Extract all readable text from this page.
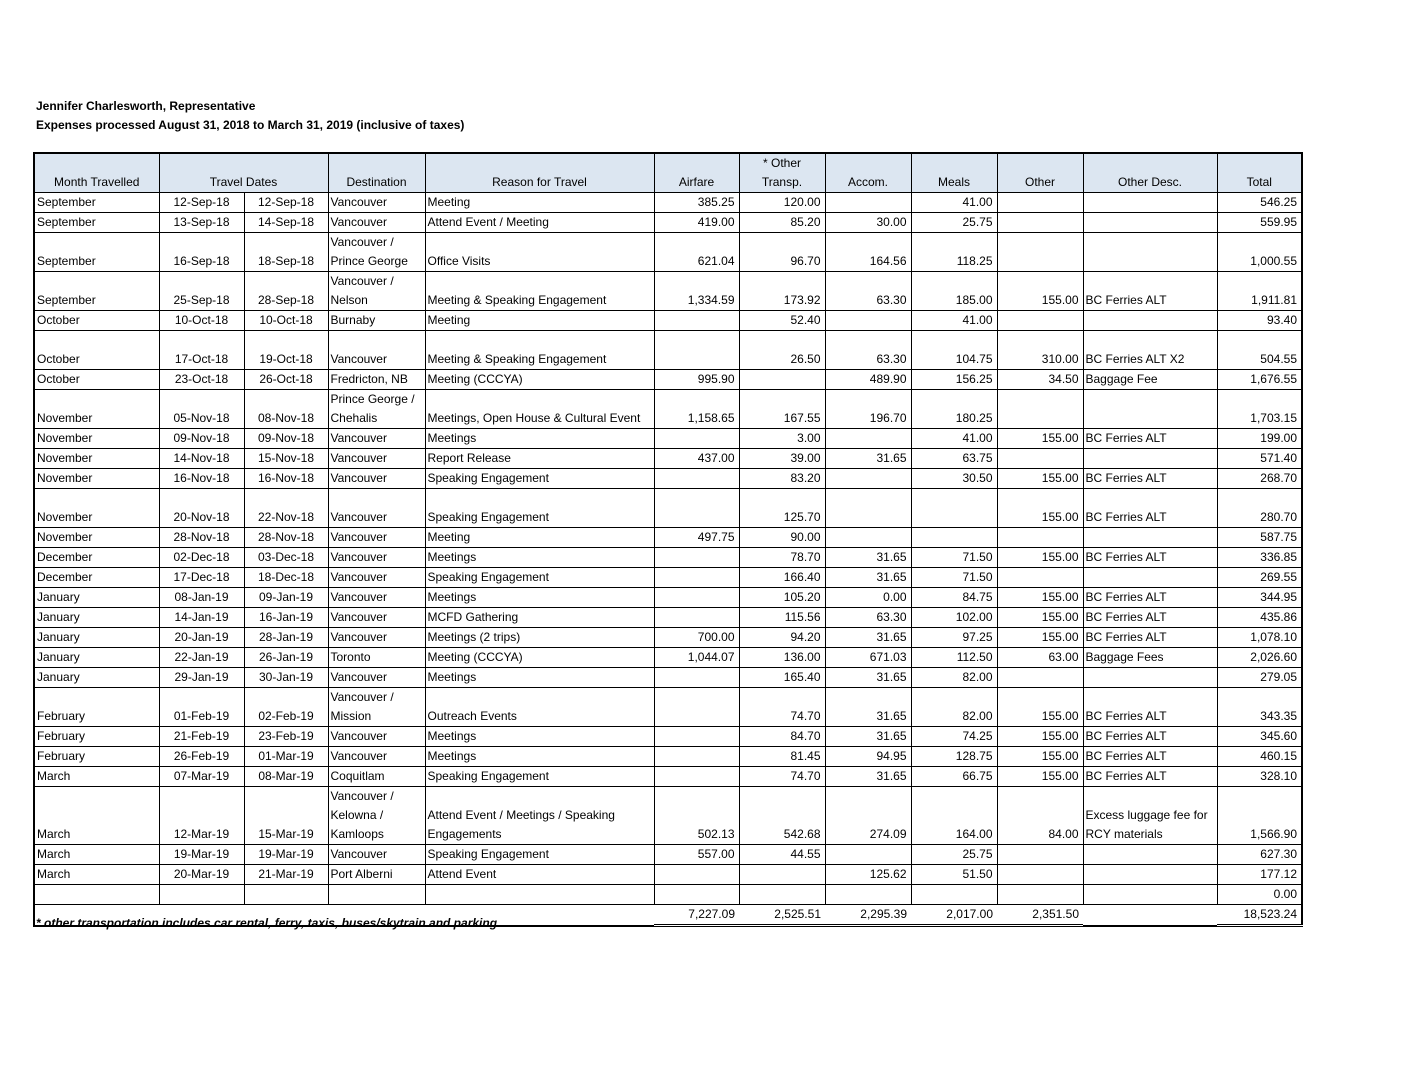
Jennifer Charlesworth, Representative
Expenses processed August 31, 2018 to March 31, 2019 (inclusive of taxes)
Month Travelled	Travel Dates		Destination	Reason for Travel	Airfare	* Other Transp.	Accom.	Meals	Other	Other Desc.	Total
September	12-Sep-18	12-Sep-18	Vancouver	Meeting	385.25	120.00		41.00			546.25
September	13-Sep-18	14-Sep-18	Vancouver	Attend Event / Meeting	419.00	85.20	30.00	25.75			559.95
September	16-Sep-18	18-Sep-18	Vancouver / Prince George	Office Visits	621.04	96.70	164.56	118.25			1,000.55
September	25-Sep-18	28-Sep-18	Vancouver / Nelson	Meeting & Speaking Engagement	1,334.59	173.92	63.30	185.00	155.00	BC Ferries ALT	1,911.81
October	10-Oct-18	10-Oct-18	Burnaby	Meeting		52.40		41.00			93.40
October	17-Oct-18	19-Oct-18	Vancouver	Meeting & Speaking Engagement		26.50	63.30	104.75	310.00	BC Ferries ALT X2	504.55
October	23-Oct-18	26-Oct-18	Fredricton, NB	Meeting (CCCYA)	995.90		489.90	156.25	34.50	Baggage Fee	1,676.55
November	05-Nov-18	08-Nov-18	Prince George / Chehalis	Meetings, Open House & Cultural Event	1,158.65	167.55	196.70	180.25			1,703.15
November	09-Nov-18	09-Nov-18	Vancouver	Meetings		3.00		41.00	155.00	BC Ferries ALT	199.00
November	14-Nov-18	15-Nov-18	Vancouver	Report Release	437.00	39.00	31.65	63.75			571.40
November	16-Nov-18	16-Nov-18	Vancouver	Speaking Engagement		83.20		30.50	155.00	BC Ferries ALT	268.70
November	20-Nov-18	22-Nov-18	Vancouver	Speaking Engagement		125.70			155.00	BC Ferries ALT	280.70
November	28-Nov-18	28-Nov-18	Vancouver	Meeting	497.75	90.00					587.75
December	02-Dec-18	03-Dec-18	Vancouver	Meetings		78.70	31.65	71.50	155.00	BC Ferries ALT	336.85
December	17-Dec-18	18-Dec-18	Vancouver	Speaking Engagement		166.40	31.65	71.50			269.55
January	08-Jan-19	09-Jan-19	Vancouver	Meetings		105.20	0.00	84.75	155.00	BC Ferries ALT	344.95
January	14-Jan-19	16-Jan-19	Vancouver	MCFD Gathering		115.56	63.30	102.00	155.00	BC Ferries ALT	435.86
January	20-Jan-19	28-Jan-19	Vancouver	Meetings (2 trips)	700.00	94.20	31.65	97.25	155.00	BC Ferries ALT	1,078.10
January	22-Jan-19	26-Jan-19	Toronto	Meeting (CCCYA)	1,044.07	136.00	671.03	112.50	63.00	Baggage Fees	2,026.60
January	29-Jan-19	30-Jan-19	Vancouver	Meetings		165.40	31.65	82.00			279.05
February	01-Feb-19	02-Feb-19	Vancouver / Mission	Outreach Events		74.70	31.65	82.00	155.00	BC Ferries ALT	343.35
February	21-Feb-19	23-Feb-19	Vancouver	Meetings		84.70	31.65	74.25	155.00	BC Ferries ALT	345.60
February	26-Feb-19	01-Mar-19	Vancouver	Meetings		81.45	94.95	128.75	155.00	BC Ferries ALT	460.15
March	07-Mar-19	08-Mar-19	Coquitlam	Speaking Engagement		74.70	31.65	66.75	155.00	BC Ferries ALT	328.10
March	12-Mar-19	15-Mar-19	Vancouver / Kelowna / Kamloops	Attend Event / Meetings / Speaking Engagements	502.13	542.68	274.09	164.00	84.00	Excess luggage fee for RCY materials	1,566.90
March	19-Mar-19	19-Mar-19	Vancouver	Speaking Engagement	557.00	44.55		25.75			627.30
March	20-Mar-19	21-Mar-19	Port Alberni	Attend Event			125.62	51.50			177.12
											0.00
					7,227.09	2,525.51	2,295.39	2,017.00	2,351.50		18,523.24
* other transportation includes car rental, ferry, taxis, buses/skytrain and parking
